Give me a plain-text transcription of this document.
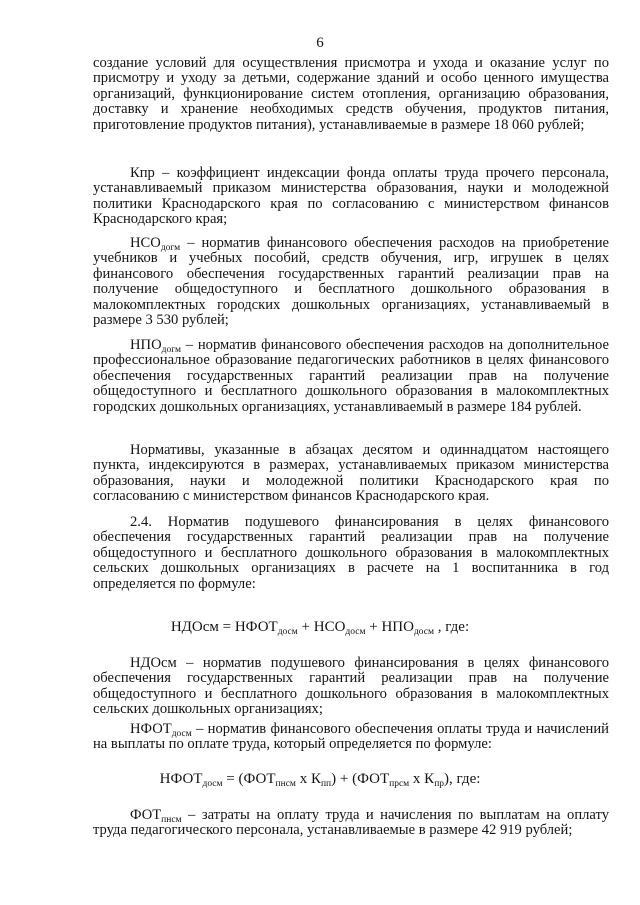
6

создание условий для осуществления присмотра и ухода и оказание услуг по присмотру и уходу за детьми, содержание зданий и особо ценного имущества организаций, функционирование систем отопления, организацию образования, доставку и хранение необходимых средств обучения, продуктов питания, приготовление продуктов питания), устанавливаемые в размере 18 060 рублей;

Кпр – коэффициент индексации фонда оплаты труда прочего персонала, устанавливаемый приказом министерства образования, науки и молодежной политики Краснодарского края по согласованию с министерством финансов Краснодарского края;

$НСО_{догм}$ – норматив финансового обеспечения расходов на приобретение учебников и учебных пособий, средств обучения, игр, игрушек в целях финансового обеспечения государственных гарантий реализации прав на получение общедоступного и бесплатного дошкольного образования в малокомплектных городских дошкольных организациях, устанавливаемый в размере 3 530 рублей;

$НПО_{догм}$ – норматив финансового обеспечения расходов на дополнительное профессиональное образование педагогических работников в целях финансового обеспечения государственных гарантий реализации прав на получение общедоступного и бесплатного дошкольного образования в малокомплектных городских дошкольных организациях, устанавливаемый в размере 184 рублей.

Нормативы, указанные в абзацах десятом и одиннадцатом настоящего пункта, индексируются в размерах, устанавливаемых приказом министерства образования, науки и молодежной политики Краснодарского края по согласованию с министерством финансов Краснодарского края.

2.4. Норматив подушевого финансирования в целях финансового обеспечения государственных гарантий реализации прав на получение общедоступного и бесплатного дошкольного образования в малокомплектных сельских дошкольных организациях в расчете на 1 воспитанника в год определяется по формуле:

НДОсм = $НФОТ_{досм} + НСО_{досм} + НПО_{досм}$ , где:

НДОсм – норматив подушевого финансирования в целях финансового обеспечения государственных гарантий реализации прав на получение общедоступного и бесплатного дошкольного образования в малокомплектных сельских дошкольных организациях;

$НФОТ_{досм}$ – норматив финансового обеспечения оплаты труда и начислений на выплаты по оплате труда, который определяется по формуле:

$НФОТ_{досм} = (ФОТ_{пнсм}$ х $К_{пп}) + (ФОТ_{прсм}$ х $К_{пр}$), где:

$ФОТ_{пнсм}$ – затраты на оплату труда и начисления по выплатам на оплату труда педагогического персонала, устанавливаемые в размере 42 919 рублей;
